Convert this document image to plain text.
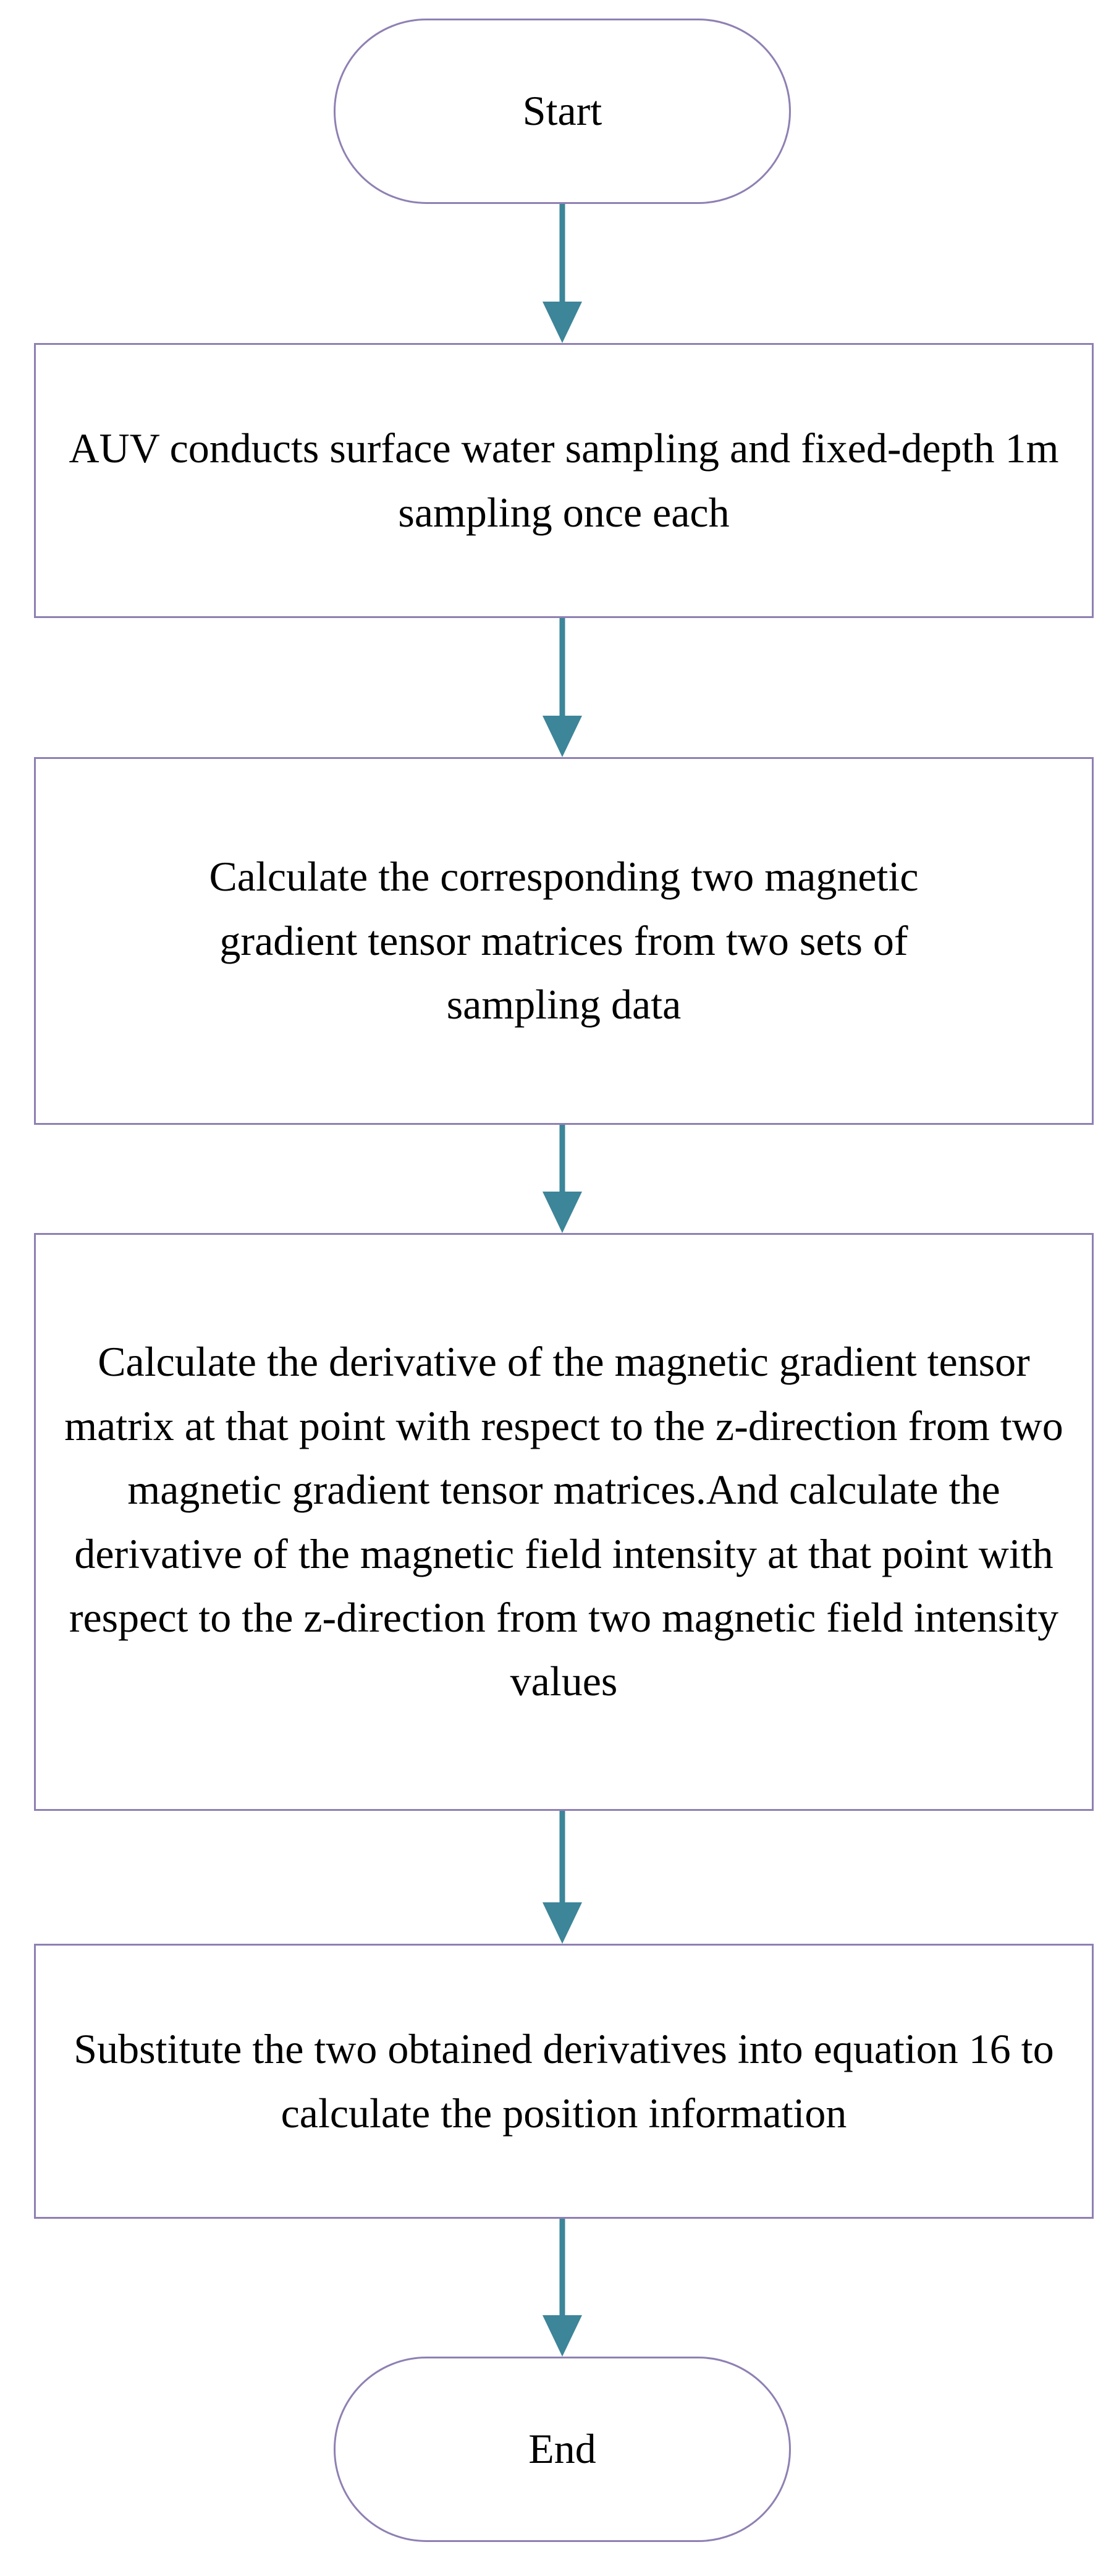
Start
AUV conducts surface water sampling and fixed-depth 1m sampling once each
Calculate the corresponding two magnetic gradient tensor matrices from two sets of sampling data
Calculate the derivative of the magnetic gradient tensor matrix at that point with respect to the z-direction from two magnetic gradient tensor matrices.And calculate the derivative of the magnetic field intensity at that point with respect to the z-direction from two magnetic field intensity values
Substitute the two obtained derivatives into equation 16 to calculate the position information
End
